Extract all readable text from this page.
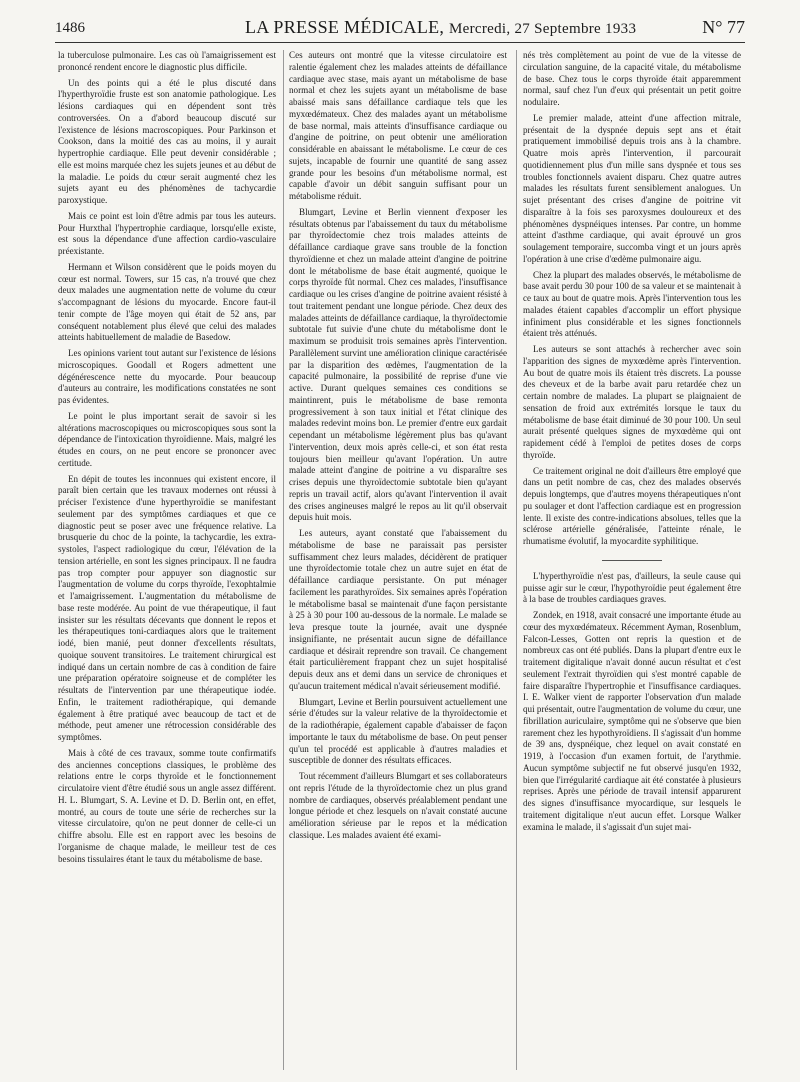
1486	LA PRESSE MÉDICALE, Mercredi, 27 Septembre 1933	N° 77

la tuberculose pulmonaire. Les cas où l'amaigrissement est prononcé rendent encore le diagnostic plus difficile.

Un des points qui a été le plus discuté dans l'hyperthyroïdie fruste est son anatomie pathologique. Les lésions cardiaques qui en dépendent sont très controversées. On a d'abord beaucoup discuté sur l'existence de lésions macroscopiques. Pour Parkinson et Cookson, dans la moitié des cas au moins, il y aurait hypertrophie cardiaque. Elle peut devenir considérable ; elle est moins marquée chez les sujets jeunes et au début de la maladie. Le poids du cœur serait augmenté chez les sujets ayant eu des phénomènes de tachycardie paroxystique.

Mais ce point est loin d'être admis par tous les auteurs. Pour Hurxthal l'hypertrophie cardiaque, lorsqu'elle existe, est sous la dépendance d'une affection cardio-vasculaire préexistante.

Hermann et Wilson considèrent que le poids moyen du cœur est normal. Towers, sur 15 cas, n'a trouvé que chez deux malades une augmentation nette de volume du cœur s'accompagnant de lésions du myocarde. Encore faut-il tenir compte de l'âge moyen qui était de 52 ans, par conséquent notablement plus élevé que celui des malades atteints habituellement de maladie de Basedow.

Les opinions varient tout autant sur l'existence de lésions microscopiques. Goodall et Rogers admettent une dégénérescence nette du myocarde. Pour beaucoup d'auteurs au contraire, les modifications constatées ne sont pas évidentes.

Le point le plus important serait de savoir si les altérations macroscopiques ou microscopiques sous sont la dépendance de l'intoxication thyroïdienne. Mais, malgré les études en cours, on ne peut encore se prononcer avec certitude.

En dépit de toutes les inconnues qui existent encore, il paraît bien certain que les travaux modernes ont réussi à préciser l'existence d'une hyperthyroïdie se manifestant seulement par des symptômes cardiaques et que ce diagnostic peut se poser avec une fréquence relative. La brusquerie du choc de la pointe, la tachycardie, les extra-systoles, l'aspect radiologique du cœur, l'élévation de la tension artérielle, en sont les signes principaux. Il ne faudra pas trop compter pour appuyer son diagnostic sur l'augmentation de volume du corps thyroïde, l'exophtalmie et l'amaigrissement. L'augmentation du métabolisme de base reste modérée. Au point de vue thérapeutique, il faut insister sur les résultats décevants que donnent le repos et les thérapeutiques toni-cardiaques alors que le traitement iodé, bien manié, peut donner d'excellents résultats, quoique souvent transitoires. Le traitement chirurgical est indiqué dans un certain nombre de cas à condition de faire une préparation opératoire soigneuse et de compléter les résultats de l'intervention par une thérapeutique iodée. Enfin, le traitement radiothérapique, qui demande également à être pratiqué avec beaucoup de tact et de méthode, peut amener une rétrocession considérable des symptômes.

Mais à côté de ces travaux, somme toute confirmatifs des anciennes conceptions classiques, le problème des relations entre le corps thyroïde et le fonctionnement circulatoire vient d'être étudié sous un angle assez différent. H. L. Blumgart, S. A. Levine et D. D. Berlin ont, en effet, montré, au cours de toute une série de recherches sur la vitesse circulatoire, qu'on ne peut donner de celle-ci un chiffre absolu. Elle est en rapport avec les besoins de l'organisme de chaque malade, le meilleur test de ces besoins tissulaires étant le taux du métabolisme de base.

Ces auteurs ont montré que la vitesse circulatoire est ralentie également chez les malades atteints de défaillance cardiaque avec stase, mais ayant un métabolisme de base normal et chez les sujets ayant un métabolisme de base abaissé mais sans défaillance cardiaque tels que les myxœdémateux. Chez des malades ayant un métabolisme de base normal, mais atteints d'insuffisance cardiaque ou d'angine de poitrine, on peut obtenir une amélioration considérable en abaissant le métabolisme. Le cœur de ces sujets, incapable de fournir une quantité de sang assez grande pour les besoins d'un métabolisme normal, est capable d'avoir un débit sanguin suffisant pour un métabolisme réduit.

Blumgart, Levine et Berlin viennent d'exposer les résultats obtenus par l'abaissement du taux du métabolisme par thyroïdectomie chez trois malades atteints de défaillance cardiaque grave sans trouble de la fonction thyroïdienne et chez un malade atteint d'angine de poitrine dont le métabolisme de base était augmenté, quoique le corps thyroïde fût normal. Chez ces malades, l'insuffisance cardiaque ou les crises d'angine de poitrine avaient résisté à tout traitement pendant une longue période. Chez deux des malades atteints de défaillance cardiaque, la thyroïdectomie subtotale fut suivie d'une chute du métabolisme dont le maximum se produisit trois semaines après l'intervention. Parallèlement survint une amélioration clinique caractérisée par la disparition des œdèmes, l'augmentation de la capacité pulmonaire, la possibilité de reprise d'une vie active. Durant quelques semaines ces conditions se maintinrent, puis le métabolisme de base remonta progressivement à son taux initial et l'état clinique des malades redevint moins bon. Le premier d'entre eux gardait cependant un métabolisme légèrement plus bas qu'avant l'intervention, deux mois après celle-ci, et son état resta toujours bien meilleur qu'avant l'opération. Un autre malade atteint d'angine de poitrine a vu disparaître ses crises depuis une thyroïdectomie subtotale bien qu'ayant repris un travail actif, alors qu'avant l'intervention il avait des crises angineuses malgré le repos au lit qu'il observait depuis huit mois.

Les auteurs, ayant constaté que l'abaissement du métabolisme de base ne paraissait pas persister suffisamment chez leurs malades, décidèrent de pratiquer une thyroïdectomie totale chez un autre sujet en état de défaillance cardiaque persistante. On put ménager facilement les parathyroïdes. Six semaines après l'opération le métabolisme basal se maintenait d'une façon persistante à 25 à 30 pour 100 au-dessous de la normale. Le malade se leva presque toute la journée, avait une dyspnée insignifiante, ne présentait aucun signe de défaillance cardiaque et désirait reprendre son travail. Ce changement était particulièrement frappant chez un sujet hospitalisé depuis deux ans et demi dans un service de chroniques et qu'aucun traitement médical n'avait sérieusement modifié.

Blumgart, Levine et Berlin poursuivent actuellement une série d'études sur la valeur relative de la thyroïdectomie et de la radiothérapie, également capable d'abaisser de façon importante le taux du métabolisme de base. On peut penser qu'un tel procédé est applicable à d'autres maladies et susceptible de donner des résultats efficaces.

Tout récemment d'ailleurs Blumgart et ses collaborateurs ont repris l'étude de la thyroïdectomie chez un plus grand nombre de cardiaques, observés préalablement pendant une longue période et chez lesquels on n'avait constaté aucune amélioration sérieuse par le repos et la médication classique. Les malades avaient été exami-

nés très complètement au point de vue de la vitesse de circulation sanguine, de la capacité vitale, du métabolisme de base. Chez tous le corps thyroïde était apparemment normal, sauf chez l'un d'eux qui présentait un petit goitre nodulaire.

Le premier malade, atteint d'une affection mitrale, présentait de la dyspnée depuis sept ans et était pratiquement immobilisé depuis trois ans à la chambre. Quatre mois après l'intervention, il parcourait quotidiennement plus d'un mille sans dyspnée et tous ses troubles fonctionnels avaient disparu. Chez quatre autres malades les résultats furent sensiblement analogues. Un sujet présentant des crises d'angine de poitrine vit disparaître à la fois ses paroxysmes douloureux et des phénomènes dyspnéiques intenses. Par contre, un homme atteint d'asthme cardiaque, qui avait éprouvé un gros soulagement temporaire, succomba vingt et un jours après l'opération à une crise d'œdème pulmonaire aigu.

Chez la plupart des malades observés, le métabolisme de base avait perdu 30 pour 100 de sa valeur et se maintenait à ce taux au bout de quatre mois. Après l'intervention tous les malades étaient capables d'accomplir un effort physique infiniment plus considérable et les signes fonctionnels étaient très atténués.

Les auteurs se sont attachés à rechercher avec soin l'apparition des signes de myxœdème après l'intervention. Au bout de quatre mois ils étaient très discrets. La pousse des cheveux et de la barbe avait paru retardée chez un certain nombre de malades. La plupart se plaignaient de sensation de froid aux extrémités lorsque le taux du métabolisme de base était diminué de 30 pour 100. Un seul aurait présenté quelques signes de myxœdème qui ont rapidement cédé à l'emploi de petites doses de corps thyroïde.

Ce traitement original ne doit d'ailleurs être employé que dans un petit nombre de cas, chez des malades observés depuis longtemps, que d'autres moyens thérapeutiques n'ont pu soulager et dont l'affection cardiaque est en progression lente. Il existe des contre-indications absolues, telles que la sclérose artérielle généralisée, l'atteinte rénale, le rhumatisme évolutif, la myocardite syphilitique.

L'hyperthyroïdie n'est pas, d'ailleurs, la seule cause qui puisse agir sur le cœur, l'hypothyroïdie peut également être à la base de troubles cardiaques graves.

Zondek, en 1918, avait consacré une importante étude au cœur des myxœdémateux. Récemment Ayman, Rosenblum, Falcon-Lesses, Gotten ont repris la question et de nombreux cas ont été publiés. Dans la plupart d'entre eux le traitement digitalique n'avait donné aucun résultat et c'est seulement l'extrait thyroïdien qui s'est montré capable de faire disparaître l'hypertrophie et l'insuffisance cardiaques. I. E. Walker vient de rapporter l'observation d'un malade qui présentait, outre l'augmentation de volume du cœur, une fibrillation auriculaire, symptôme qui ne s'observe que bien rarement chez les hypothyroïdiens. Il s'agissait d'un homme de 39 ans, dyspnéique, chez lequel on avait constaté en 1919, à l'occasion d'un examen fortuit, de l'arythmie. Aucun symptôme subjectif ne fut observé jusqu'en 1932, bien que l'irrégularité cardiaque ait été constatée à plusieurs reprises. Après une période de travail intensif apparurent des signes d'insuffisance myocardique, sur lesquels le traitement digitalique n'eut aucun effet. Lorsque Walker examina le malade, il s'agissait d'un sujet mai-
